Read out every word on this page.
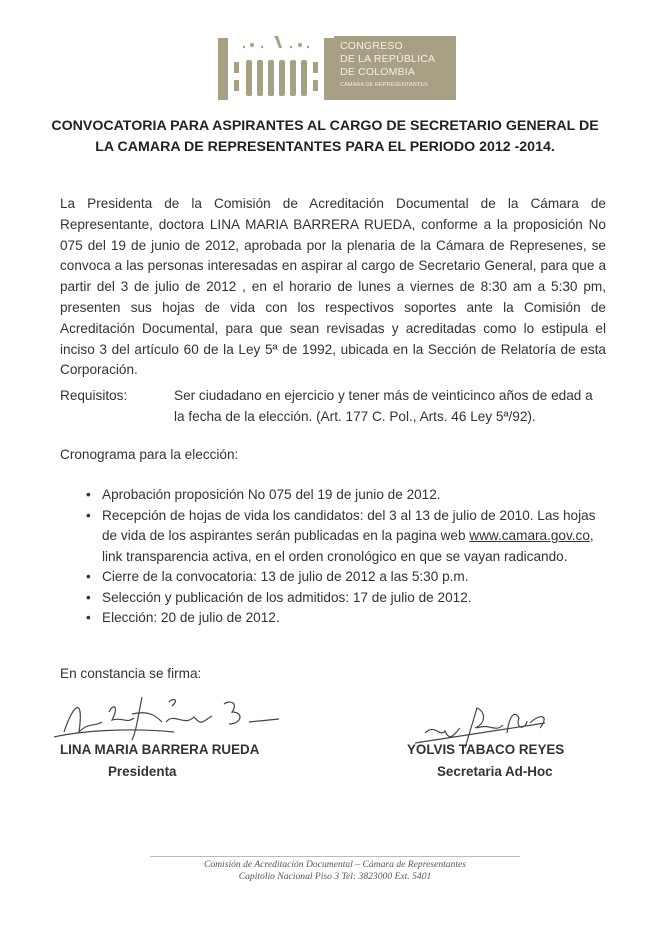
CONGRESO
DE LA REPÚBLICA
DE COLOMBIA
CÁMARA DE REPRESENTANTES
CONVOCATORIA PARA ASPIRANTES AL CARGO DE SECRETARIO GENERAL DE
LA CAMARA DE REPRESENTANTES PARA EL PERIODO 2012 -2014.
La Presidenta de la Comisión de Acreditación Documental de la Cámara de Representante, doctora LINA MARIA BARRERA RUEDA, conforme a la proposición No 075 del 19 de junio de 2012, aprobada por la plenaria de la Cámara de Represenes, se convoca a las personas interesadas en aspirar al cargo de Secretario General, para que a partir del 3 de julio de 2012 , en el horario de lunes a viernes de 8:30 am a 5:30 pm, presenten sus hojas de vida con los respectivos soportes ante la Comisión de Acreditación Documental, para que sean revisadas y acreditadas como lo estipula el inciso 3 del artículo 60 de la Ley 5ª de 1992, ubicada en la Sección de Relatoría de esta Corporación.
Requisitos:	Ser ciudadano en ejercicio y tener más de veinticinco años de edad a la fecha de la elección. (Art. 177 C. Pol., Arts. 46 Ley 5ª/92).
Cronograma para la elección:
• Aprobación proposición No 075 del 19 de junio de 2012.
• Recepción de hojas de vida los candidatos: del 3 al 13 de julio de 2010. Las hojas de vida de los aspirantes serán publicadas en la pagina web www.camara.gov.co, link transparencia activa, en el orden cronológico en que se vayan radicando.
• Cierre de la convocatoria: 13 de julio de 2012 a las 5:30 p.m.
• Selección y publicación de los admitidos: 17 de julio de 2012.
• Elección: 20 de julio de 2012.
En constancia se firma:
LINA MARIA BARRERA RUEDA
Presidenta
YOLVIS TABACO REYES
Secretaria Ad-Hoc
Comisión de Acreditación Documental – Cámara de Representantes
Capitolio Nacional Piso 3 Tel: 3823000 Ext. 5401
